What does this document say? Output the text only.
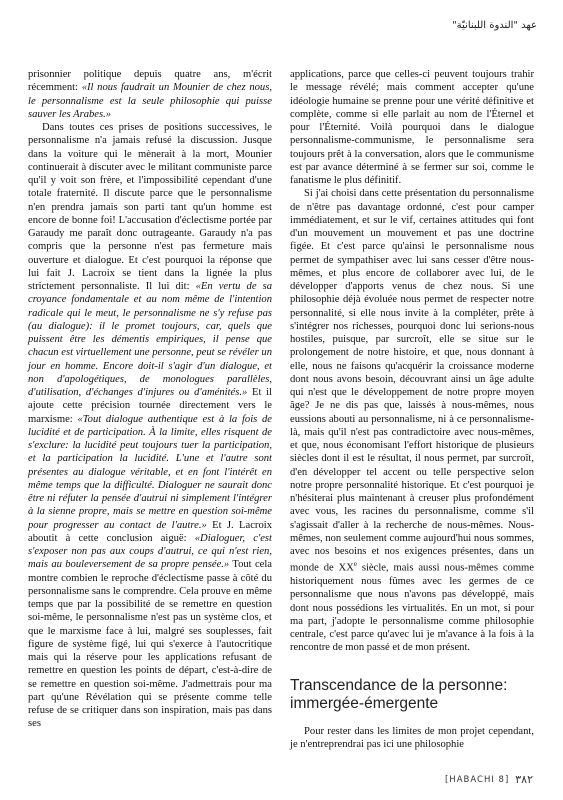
عهد "الندوة اللبنانيّة"

prisonnier politique depuis quatre ans, m'écrit récemment: «Il nous faudrait un Mounier de chez nous, le personnalisme est la seule philosophie qui puisse sauver les Arabes.»

Dans toutes ces prises de positions successives, le personnalisme n'a jamais refusé la discussion. Jusque dans la voiture qui le mènerait à la mort, Mounier continuerait à discuter avec le militant communiste parce qu'il y voit son frère, et l'impossibilité cependant d'une totale fraternité. Il discute parce que le personnalisme n'en prendra jamais son parti tant qu'un homme est encore de bonne foi! L'accusation d'éclectisme portée par Garaudy me paraît donc outrageante. Garaudy n'a pas compris que la personne n'est pas fermeture mais ouverture et dialogue. Et c'est pourquoi la réponse que lui fait J. Lacroix se tient dans la lignée la plus strictement personnaliste. Il lui dit: «En vertu de sa croyance fondamentale et au nom même de l'intention radicale qui le meut, le personnalisme ne s'y refuse pas (au dialogue): il le promet toujours, car, quels que puissent être les démentis empiriques, il pense que chacun est virtuellement une personne, peut se révéler un jour en homme. Encore doit-il s'agir d'un dialogue, et non d'apologétiques, de monologues parallèles, d'utilisation, d'échanges d'injures ou d'aménités.» Et il ajoute cette précision tournée directement vers le marxisme: «Tout dialogue authentique est à la fois de lucidité et de participation. À la limite, elles risquent de s'exclure: la lucidité peut toujours tuer la participation, et la participation la lucidité. L'une et l'autre sont présentes au dialogue véritable, et en font l'intérêt en même temps que la difficulté. Dialoguer ne saurait donc être ni réfuter la pensée d'autrui ni simplement l'intégrer à la sienne propre, mais se mettre en question soi-même pour progresser au contact de l'autre.» Et J. Lacroix aboutit à cette conclusion aiguë: «Dialoguer, c'est s'exposer non pas aux coups d'autrui, ce qui n'est rien, mais au bouleversement de sa propre pensée.» Tout cela montre combien le reproche d'éclectisme passe à côté du personnalisme sans le comprendre. Cela prouve en même temps que par la possibilité de se remettre en question soi-même, le personnalisme n'est pas un système clos, et que le marxisme face à lui, malgré ses souplesses, fait figure de système figé, lui qui s'exerce à l'autocritique mais qui la réserve pour les applications refusant de remettre en question les points de départ, c'est-à-dire de se remettre en question soi-même. J'admettrais pour ma part qu'une Révélation qui se présente comme telle refuse de se critiquer dans son inspiration, mais pas dans ses

applications, parce que celles-ci peuvent toujours trahir le message révélé; mais comment accepter qu'une idéologie humaine se prenne pour une vérité définitive et complète, comme si elle parlait au nom de l'Éternel et pour l'Éternité. Voilà pourquoi dans le dialogue personnalisme-communisme, le personnalisme sera toujours prêt à la conversation, alors que le communisme est par avance déterminé à se fermer sur soi, comme le fanatisme le plus définitif.

Si j'ai choisi dans cette présentation du personnalisme de n'être pas davantage ordonné, c'est pour camper immédiatement, et sur le vif, certaines attitudes qui font d'un mouvement un mouvement et pas une doctrine figée. Et c'est parce qu'ainsi le personnalisme nous permet de sympathiser avec lui sans cesser d'être nous-mêmes, et plus encore de collaborer avec lui, de le développer d'apports venus de chez nous. Si une philosophie déjà évoluée nous permet de respecter notre personnalité, si elle nous invite à la compléter, prête à s'intégrer nos richesses, pourquoi donc lui serions-nous hostiles, puisque, par surcroît, elle se situe sur le prolongement de notre histoire, et que, nous donnant à elle, nous ne faisons qu'acquérir la croissance moderne dont nous avons besoin, découvrant ainsi un âge adulte qui n'est que le développement de notre propre moyen âge? Je ne dis pas que, laissés à nous-mêmes, nous eussions abouti au personnalisme, ni à ce personnalisme-là, mais qu'il n'est pas contradictoire avec nous-mêmes, et que, nous économisant l'effort historique de plusieurs siècles dont il est le résultat, il nous permet, par surcroît, d'en développer tel accent ou telle perspective selon notre propre personnalité historique. Et c'est pourquoi je n'hésiterai plus maintenant à creuser plus profondément avec vous, les racines du personnalisme, comme s'il s'agissait d'aller à la recherche de nous-mêmes. Nous-mêmes, non seulement comme aujourd'hui nous sommes, avec nos besoins et nos exigences présentes, dans un monde de XXe siècle, mais aussi nous-mêmes comme historiquement nous fûmes avec les germes de ce personnalisme que nous n'avons pas développé, mais dont nous possédions les virtualités. En un mot, si pour ma part, j'adopte le personnalisme comme philosophie centrale, c'est parce qu'avec lui je m'avance à la fois à la rencontre de mon passé et de mon présent.

Transcendance de la personne: immergée-émergente

Pour rester dans les limites de mon projet cependant, je n'entreprendrai pas ici une philosophie

[HABACHI 8] ٣٨٢
